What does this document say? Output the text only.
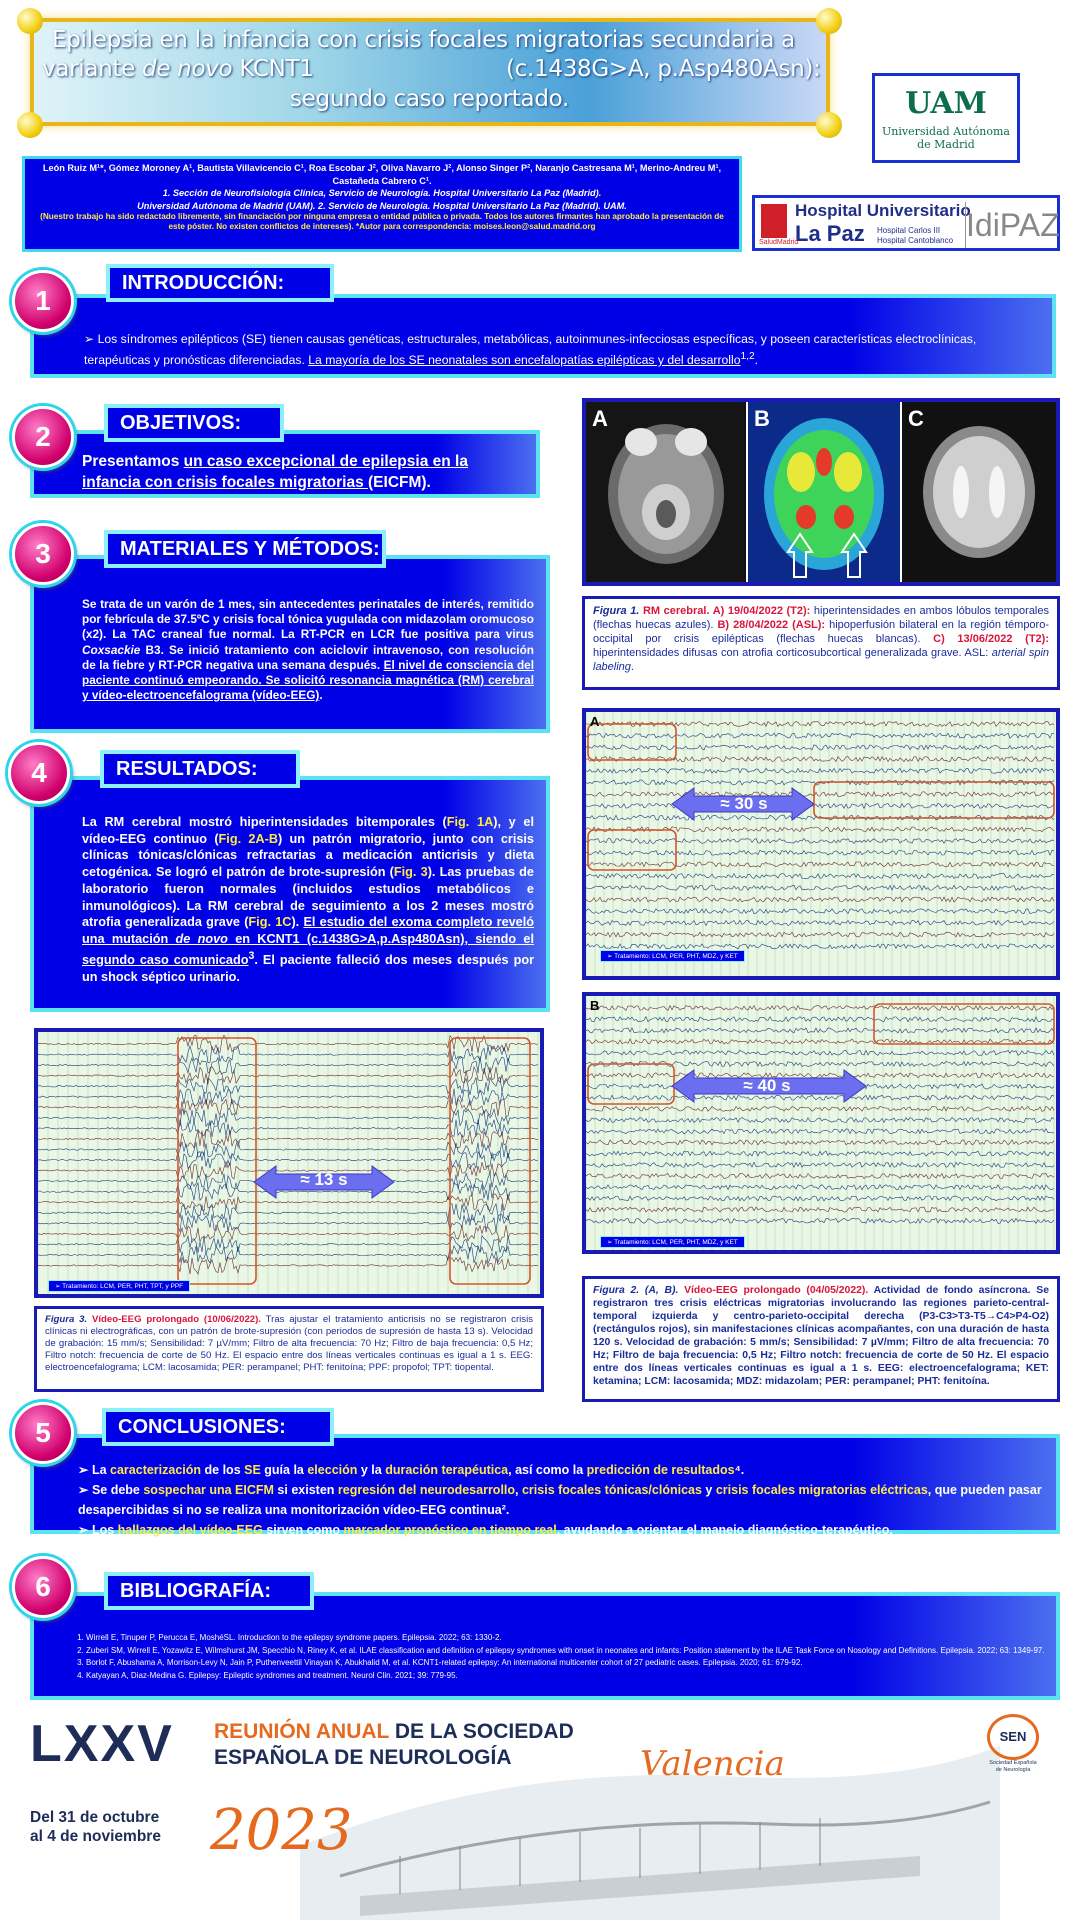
Epilepsia en la infancia con crisis focales migratorias secundaria a
variante de novo KCNT1	(c.1438G>A, p.Asp480Asn):
segundo caso reportado.	UAM
Universidad Autónoma
de Madrid
León Ruiz M¹*, Gómez Moroney A¹, Bautista Villavicencio C¹, Roa Escobar J², Oliva Navarro J², Alonso Singer P², Naranjo Castresana M¹, Merino-Andreu M¹, Castañeda Cabrero C¹.
1. Sección de Neurofisiología Clínica, Servicio de Neurología. Hospital Universitario La Paz (Madrid).
Universidad Autónoma de Madrid (UAM). 2. Servicio de Neurología. Hospital Universitario La Paz (Madrid). UAM.
(Nuestro trabajo ha sido redactado libremente, sin financiación por ninguna empresa o entidad pública o privada. Todos los autores firmantes han aprobado la presentación de este póster. No existen conflictos de intereses). *Autor para correspondencia: moises.leon@salud.madrid.org
Hospital Universitario
La Paz Hospital Carlos III
Hospital Cantoblanco
SaludMadrid	IdiPAZ
➢ Los síndromes epilépticos (SE) tienen causas genéticas, estructurales, metabólicas, autoinmunes-infecciosas específicas, y poseen características electroclínicas, terapéuticas y pronósticas diferenciadas. La mayoría de los SE neonatales son encefalopatías epilépticas y del desarrollo$^{1,2}$.
INTRODUCCIÓN:
1
Presentamos un caso excepcional de epilepsia en la infancia con crisis focales migratorias (EICFM).
OBJETIVOS:
2
Se trata de un varón de 1 mes, sin antecedentes perinatales de interés, remitido por febrícula de 37.5ºC y crisis focal tónica yugulada con midazolam oromucoso (x2). La TAC craneal fue normal. La RT-PCR en LCR fue positiva para virus Coxsackie B3. Se inició tratamiento con aciclovir intravenoso, con resolución de la fiebre y RT-PCR negativa una semana después. El nivel de consciencia del paciente continuó empeorando. Se solicitó resonancia magnética (RM) cerebral y vídeo-electroencefalograma (vídeo-EEG).
MATERIALES Y MÉTODOS:
3
La RM cerebral mostró hiperintensidades bitemporales (Fig. 1A), y el vídeo-EEG continuo (Fig. 2A-B) un patrón migratorio, junto con crisis clínicas tónicas/clónicas refractarias a medicación anticrisis y dieta cetogénica. Se logró el patrón de brote-supresión (Fig. 3). Las pruebas de laboratorio fueron normales (incluidos estudios metabólicos e inmunológicos). La RM cerebral de seguimiento a los 2 meses mostró atrofia generalizada grave (Fig. 1C). El estudio del exoma completo reveló una mutación de novo en KCNT1 (c.1438G>A,p.Asp480Asn), siendo el segundo caso comunicado$^3$. El paciente falleció dos meses después por un shock séptico urinario.
RESULTADOS:
4
A	B	C
Figura 1. RM cerebral. A) 19/04/2022 (T2): hiperintensidades en ambos lóbulos temporales (flechas huecas azules). B) 28/04/2022 (ASL): hipoperfusión bilateral en la región témporo-occipital por crisis epilépticas (flechas huecas blancas). C) 13/06/2022 (T2): hiperintensidades difusas con atrofia corticosubcortical generalizada grave. ASL: arterial spin labeling.
A
≈ 30 s
➢ Tratamiento: LCM, PER, PHT, MDZ, y KET
B
≈ 40 s
➢ Tratamiento: LCM, PER, PHT, MDZ, y KET
Figura 2. (A, B). Vídeo-EEG prolongado (04/05/2022). Actividad de fondo asíncrona. Se registraron tres crisis eléctricas migratorias involucrando las regiones parieto-central-temporal izquierda y centro-parieto-occipital derecha (P3-C3>T3-T5→C4>P4-O2) (rectángulos rojos), sin manifestaciones clínicas acompañantes, con una duración de hasta 120 s. Velocidad de grabación: 5 mm/s; Sensibilidad: 7 µV/mm; Filtro de alta frecuencia: 70 Hz; Filtro de baja frecuencia: 0,5 Hz; Filtro notch: frecuencia de corte de 50 Hz. El espacio entre dos líneas verticales continuas es igual a 1 s. EEG: electroencefalograma; KET: ketamina; LCM: lacosamida; MDZ: midazolam; PER: perampanel; PHT: fenitoína.
≈ 13 s
➢ Tratamiento: LCM, PER, PHT, TPT, y PPF
Figura 3. Vídeo-EEG prolongado (10/06/2022). Tras ajustar el tratamiento anticrisis no se registraron crisis clínicas ni electrográficas, con un patrón de brote-supresión (con periodos de supresión de hasta 13 s). Velocidad de grabación: 15 mm/s; Sensibilidad: 7 µV/mm; Filtro de alta frecuencia: 70 Hz; Filtro de baja frecuencia: 0,5 Hz; Filtro notch: frecuencia de corte de 50 Hz. El espacio entre dos líneas verticales continuas es igual a 1 s. EEG: electroencefalograma; LCM: lacosamida; PER: perampanel; PHT: fenitoína; PPF: propofol; TPT: tiopental.
➢ La caracterización de los SE guía la elección y la duración terapéutica, así como la predicción de resultados⁴.
➢ Se debe sospechar una EICFM si existen regresión del neurodesarrollo, crisis focales tónicas/clónicas y crisis focales migratorias eléctricas, que pueden pasar desapercibidas si no se realiza una monitorización vídeo-EEG continua².
➢ Los hallazgos del vídeo-EEG sirven como marcador pronóstico en tiempo real, ayudando a orientar el manejo diagnóstico-terapéutico.
CONCLUSIONES:
5
1. Wirrell E, Tinuper P, Perucca E, MoshéSL. Introduction to the epilepsy syndrome papers. Epilepsia. 2022; 63: 1330-2.
2. Zuberi SM, Wirrell E, Yozawitz E, Wilmshurst JM, Specchio N, Riney K, et al. ILAE classification and definition of epilepsy syndromes with onset in neonates and infants: Position statement by the ILAE Task Force on Nosology and Definitions. Epilepsia. 2022; 63: 1349-97.
3. Borlot F, Abushama A, Morrison-Levy N, Jain P, Puthenveettil Vinayan K, Abukhalid M, et al. KCNT1-related epilepsy: An international multicenter cohort of 27 pediatric cases. Epilepsia. 2020; 61: 679-92.
4. Katyayan A, Diaz-Medina G. Epilepsy: Epileptic syndromes and treatment. Neurol Clin. 2021; 39: 779-95.
BIBLIOGRAFÍA:
6
LXXV REUNIÓN ANUAL DE LA SOCIEDAD
ESPAÑOLA DE NEUROLOGÍA	Valencia
Del 31 de octubre
al 4 de noviembre 2023
SEN
Sociedad Española
de Neurología
